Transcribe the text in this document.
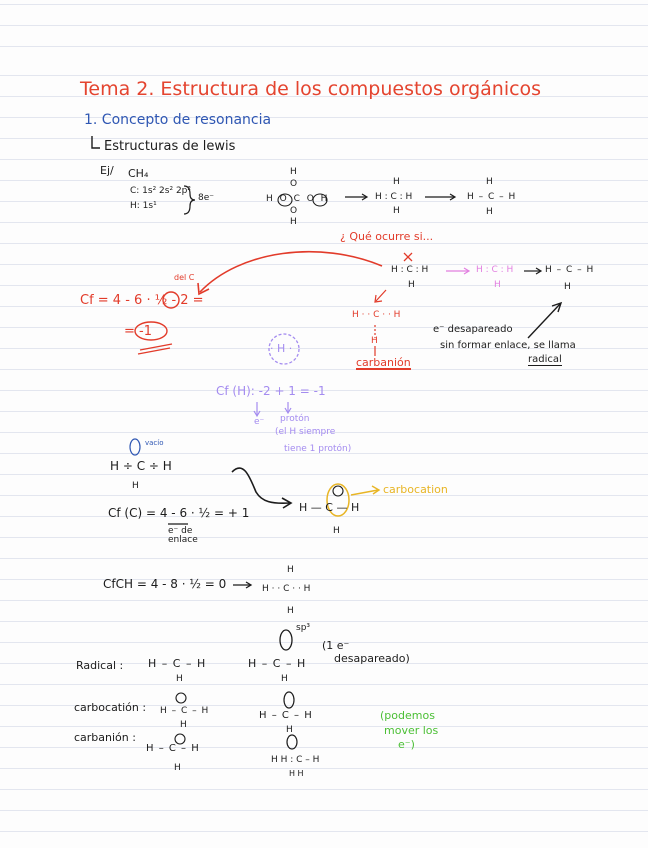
Tema 2. Estructura de los compuestos orgánicos
1. Concepto de resonancia
Estructuras de lewis
Ej/ CH₄
C: 1s² 2s² 2p²
H: 1s¹
8e⁻
H
O
H O C O H
O
H
H
H : C : H
H
H
H – C – H
H
¿ Qué ocurre si...
H : C : H
H
H : C : H
H
H – C – H
H
del C
Cf = 4 - 6 · ½ - 2 =
= -1
H · · C · · H
H
carbanión
e⁻ desapareado
sin formar enlace, se llama
radical
· H ·
Cf (H): -2 + 1 = -1
e⁻ protón
(el H siempre
tiene 1 protón)
vacío
H ÷ C ÷ H
H
Cf (C) = 4 - 6 · ½ = + 1
e⁻ de enlace
H — C — H
H
carbocation
CfCH = 4 - 8 · ½ = 0
H
H · · C · · H
H
sp³
(1 e⁻
desapareado)
Radical : H – C – H
H
H – C – H
H
carbocatión : H – C – H
H
H – C – H
H
carbanión :
H – C – H
H
H H : C – H
H H
(podemos
mover los
e⁻)
